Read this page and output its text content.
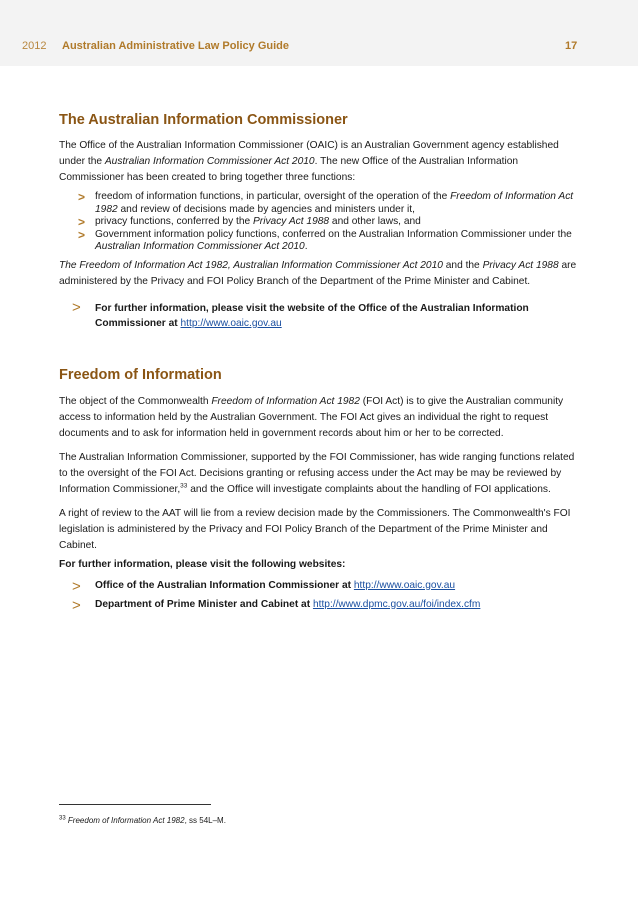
2012 Australian Administrative Law Policy Guide	17
The Australian Information Commissioner

The Office of the Australian Information Commissioner (OAIC) is an Australian Government agency established under the Australian Information Commissioner Act 2010. The new Office of the Australian Information Commissioner has been created to bring together three functions:

> freedom of information functions, in particular, oversight of the operation of the Freedom of Information Act 1982 and review of decisions made by agencies and ministers under it,
> privacy functions, conferred by the Privacy Act 1988 and other laws, and
> Government information policy functions, conferred on the Australian Information Commissioner under the Australian Information Commissioner Act 2010.

The Freedom of Information Act 1982, Australian Information Commissioner Act 2010 and the Privacy Act 1988 are administered by the Privacy and FOI Policy Branch of the Department of the Prime Minister and Cabinet.

> For further information, please visit the website of the Office of the Australian Information Commissioner at http://www.oaic.gov.au
Freedom of Information

The object of the Commonwealth Freedom of Information Act 1982 (FOI Act) is to give the Australian community access to information held by the Australian Government. The FOI Act gives an individual the right to request documents and to ask for information held in government records about him or her to be corrected.

The Australian Information Commissioner, supported by the FOI Commissioner, has wide ranging functions related to the oversight of the FOI Act. Decisions granting or refusing access under the Act may be may be reviewed by Information Commissioner,$^{33}$ and the Office will investigate complaints about the handling of FOI applications.

A right of review to the AAT will lie from a review decision made by the Commissioners. The Commonwealth's FOI legislation is administered by the Privacy and FOI Policy Branch of the Department of the Prime Minister and Cabinet.

For further information, please visit the following websites:

> Office of the Australian Information Commissioner at http://www.oaic.gov.au
> Department of Prime Minister and Cabinet at http://www.dpmc.gov.au/foi/index.cfm
$^{33}$ Freedom of Information Act 1982, ss 54L–M.
